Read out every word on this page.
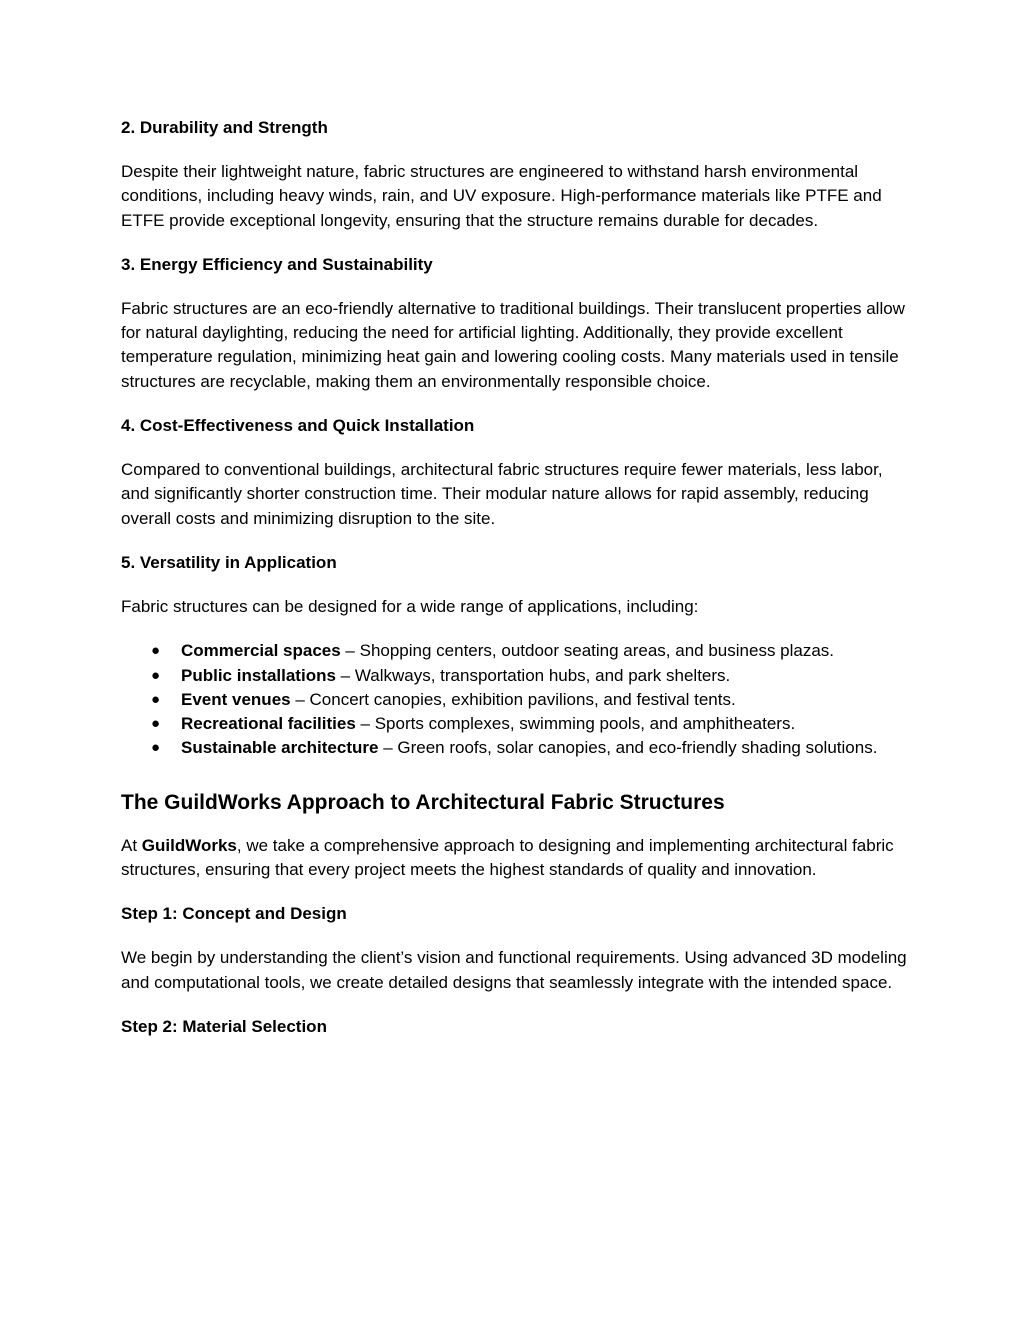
2. Durability and Strength
Despite their lightweight nature, fabric structures are engineered to withstand harsh environmental conditions, including heavy winds, rain, and UV exposure. High-performance materials like PTFE and ETFE provide exceptional longevity, ensuring that the structure remains durable for decades.
3. Energy Efficiency and Sustainability
Fabric structures are an eco-friendly alternative to traditional buildings. Their translucent properties allow for natural daylighting, reducing the need for artificial lighting. Additionally, they provide excellent temperature regulation, minimizing heat gain and lowering cooling costs. Many materials used in tensile structures are recyclable, making them an environmentally responsible choice.
4. Cost-Effectiveness and Quick Installation
Compared to conventional buildings, architectural fabric structures require fewer materials, less labor, and significantly shorter construction time. Their modular nature allows for rapid assembly, reducing overall costs and minimizing disruption to the site.
5. Versatility in Application
Fabric structures can be designed for a wide range of applications, including:
● Commercial spaces – Shopping centers, outdoor seating areas, and business plazas.
● Public installations – Walkways, transportation hubs, and park shelters.
● Event venues – Concert canopies, exhibition pavilions, and festival tents.
● Recreational facilities – Sports complexes, swimming pools, and amphitheaters.
● Sustainable architecture – Green roofs, solar canopies, and eco-friendly shading solutions.
The GuildWorks Approach to Architectural Fabric Structures
At GuildWorks, we take a comprehensive approach to designing and implementing architectural fabric structures, ensuring that every project meets the highest standards of quality and innovation.
Step 1: Concept and Design
We begin by understanding the client’s vision and functional requirements. Using advanced 3D modeling and computational tools, we create detailed designs that seamlessly integrate with the intended space.
Step 2: Material Selection
